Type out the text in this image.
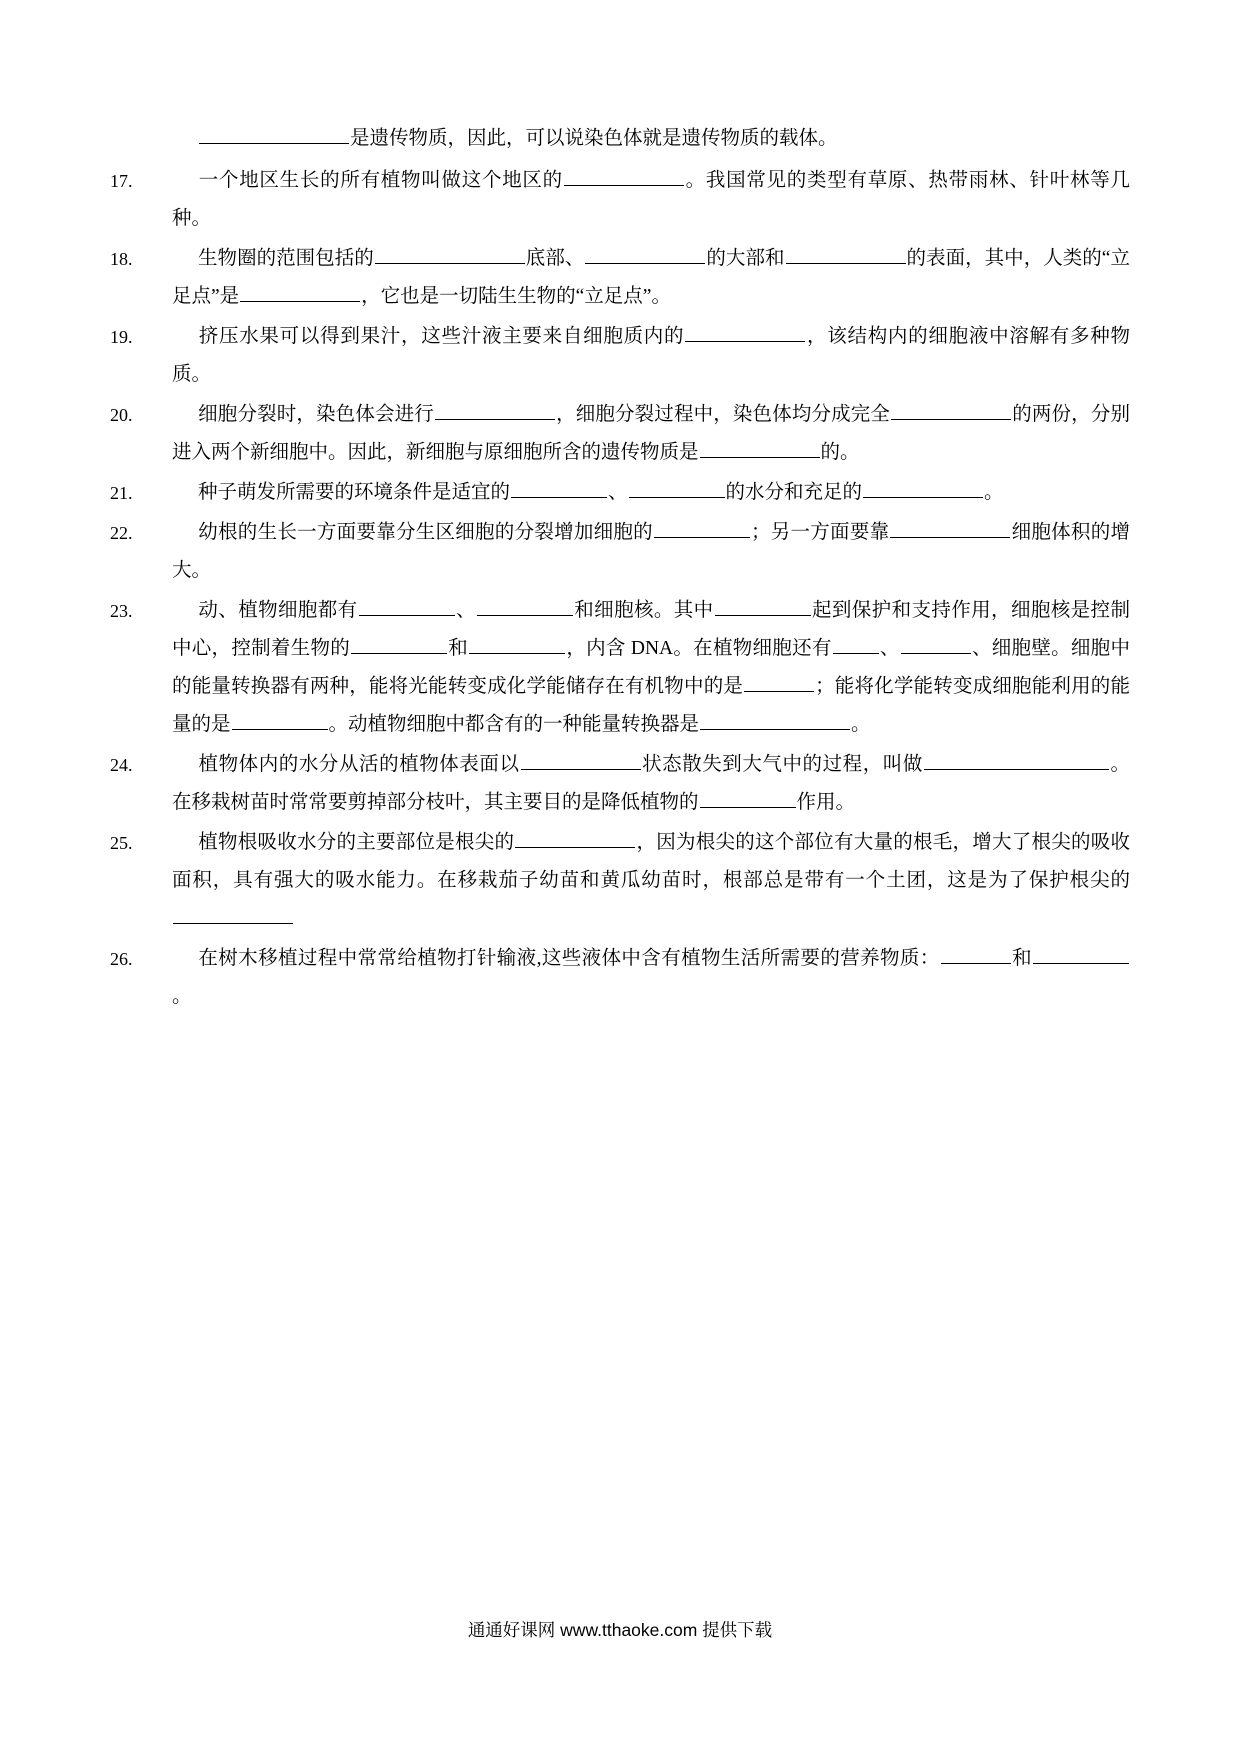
是遗传物质，因此，可以说染色体就是遗传物质的载体。
17.	一个地区生长的所有植物叫做这个地区的	。我国常见的类型有草原、热带雨林、针叶林等几种。
18.	生物圈的范围包括的	底部、	的大部和	的表面，其中，人类的“立足点”是	，它也是一切陆生生物的“立足点”。
19.	挤压水果可以得到果汁，这些汁液主要来自细胞质内的	，该结构内的细胞液中溶解有多种物质。
20.	细胞分裂时，染色体会进行	，细胞分裂过程中，染色体均分成完全	的两份，分别进入两个新细胞中。因此，新细胞与原细胞所含的遗传物质是	的。
21.	种子萌发所需要的环境条件是适宜的	、	的水分和充足的	。
22.	幼根的生长一方面要靠分生区细胞的分裂增加细胞的	；另一方面要靠	细胞体积的增大。
23.	动、植物细胞都有	、	和细胞核。其中	起到保护和支持作用，细胞核是控制中心，控制着生物的	和	，内含 DNA。在植物细胞还有 、	、细胞壁。细胞中的能量转换器有两种，能将光能转变成化学能储存在有机物中的是	；能将化学能转变成细胞能利用的能量的是	。动植物细胞中都含有的一种能量转换器是	。
24.	植物体内的水分从活的植物体表面以	状态散失到大气中的过程，叫做	。在移栽树苗时常常要剪掉部分枝叶，其主要目的是降低植物的	作用。
25.	植物根吸收水分的主要部位是根尖的	，因为根尖的这个部位有大量的根毛，增大了根尖的吸收面积，具有强大的吸水能力。在移栽茄子幼苗和黄瓜幼苗时，根部总是带有一个土团，这是为了保护根尖的
26.	在树木移植过程中常常给植物打针输液,这些液体中含有植物生活所需要的营养物质：	和。
通通好课网 www.tthaoke.com 提供下载
